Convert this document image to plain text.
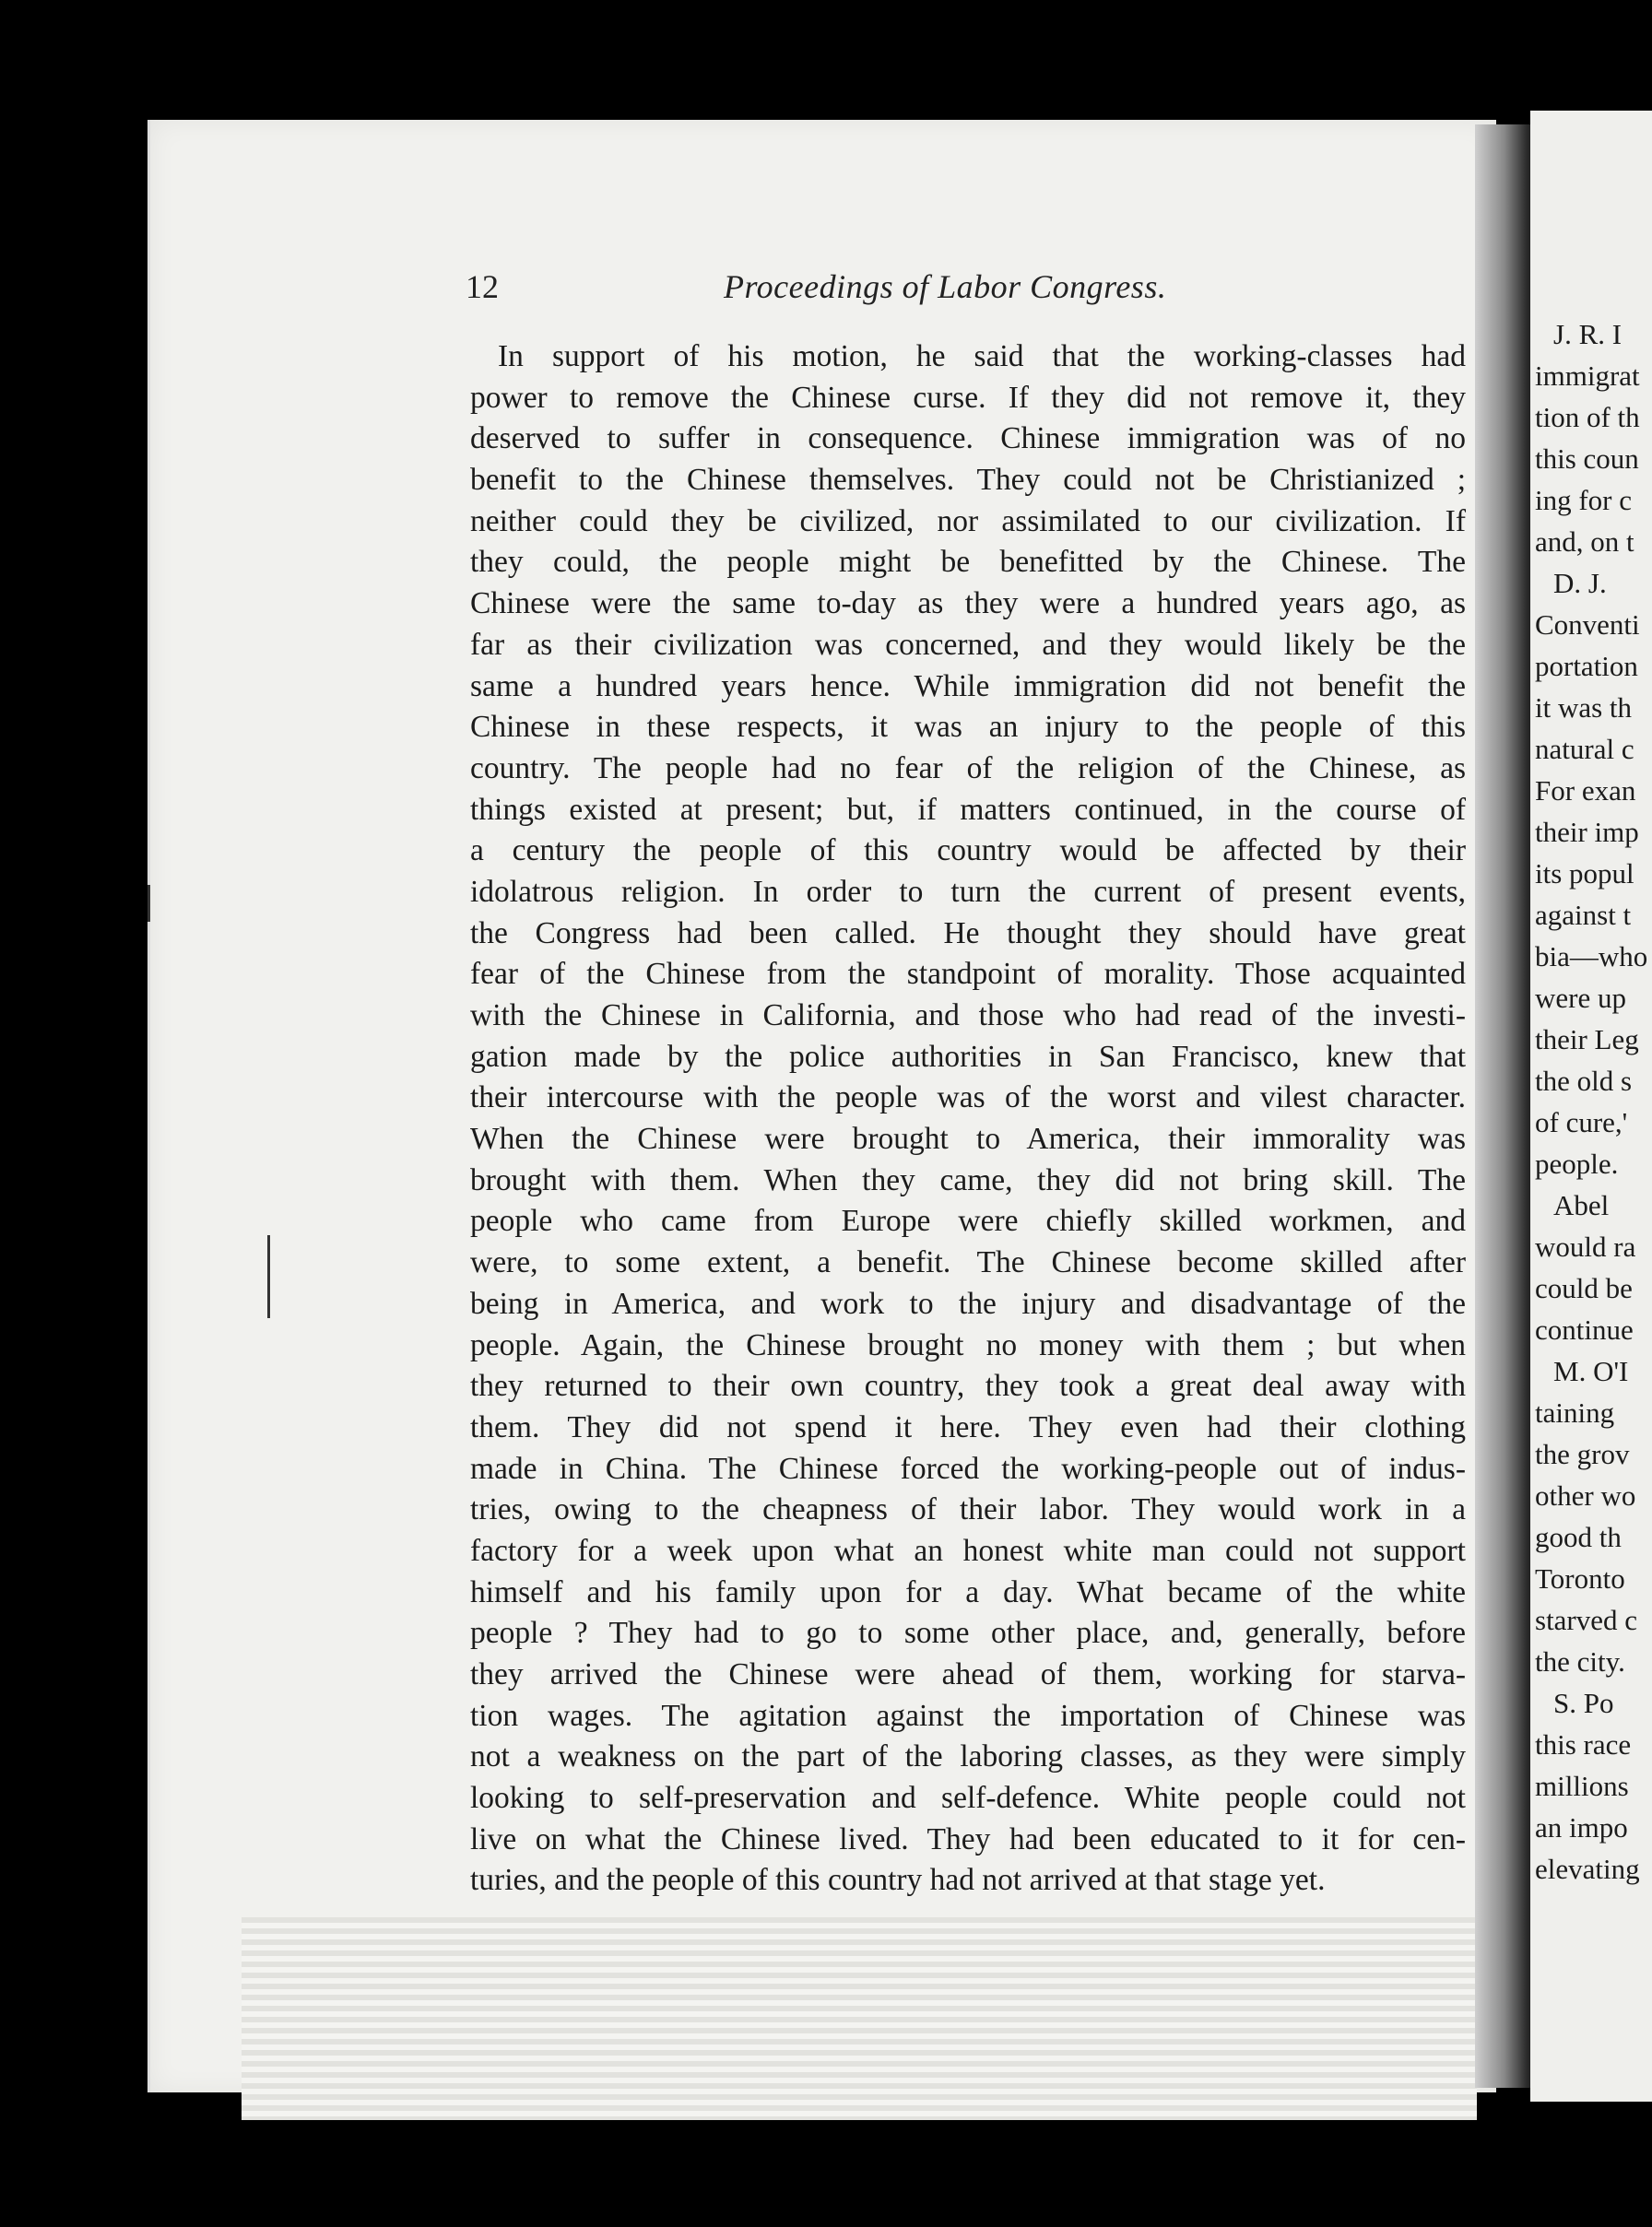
12	Proceedings of Labor Congress.
In support of his motion, he said that the working-classes had
power to remove the Chinese curse. If they did not remove it, they
deserved to suffer in consequence. Chinese immigration was of no
benefit to the Chinese themselves. They could not be Christianized ;
neither could they be civilized, nor assimilated to our civilization. If
they could, the people might be benefitted by the Chinese. The
Chinese were the same to-day as they were a hundred years ago, as
far as their civilization was concerned, and they would likely be the
same a hundred years hence. While immigration did not benefit the
Chinese in these respects, it was an injury to the people of this
country. The people had no fear of the religion of the Chinese, as
things existed at present; but, if matters continued, in the course of
a century the people of this country would be affected by their
idolatrous religion. In order to turn the current of present events,
the Congress had been called. He thought they should have great
fear of the Chinese from the standpoint of morality. Those acquainted
with the Chinese in California, and those who had read of the investi-
gation made by the police authorities in San Francisco, knew that
their intercourse with the people was of the worst and vilest character.
When the Chinese were brought to America, their immorality was
brought with them. When they came, they did not bring skill. The
people who came from Europe were chiefly skilled workmen, and
were, to some extent, a benefit. The Chinese become skilled after
being in America, and work to the injury and disadvantage of the
people. Again, the Chinese brought no money with them ; but when
they returned to their own country, they took a great deal away with
them. They did not spend it here. They even had their clothing
made in China. The Chinese forced the working-people out of indus-
tries, owing to the cheapness of their labor. They would work in a
factory for a week upon what an honest white man could not support
himself and his family upon for a day. What became of the white
people ? They had to go to some other place, and, generally, before
they arrived the Chinese were ahead of them, working for starva-
tion wages. The agitation against the importation of Chinese was
not a weakness on the part of the laboring classes, as they were simply
looking to self-preservation and self-defence. White people could not
live on what the Chinese lived. They had been educated to it for cen-
turies, and the people of this country had not arrived at that stage yet.
J. R. I
immigrat
tion of th
this coun
ing for c
and, on t
D. J.
Conventi
portation
it was th
natural c
For exan
their imp
its popul
against t
bia—who
were up
their Leg
the old s
of cure,'
people.
Abel
would ra
could be
continue
M. O'I
taining
the grov
other wo
good th
Toronto
starved c
the city.
S. Po
this race
millions
an impo
elevating
